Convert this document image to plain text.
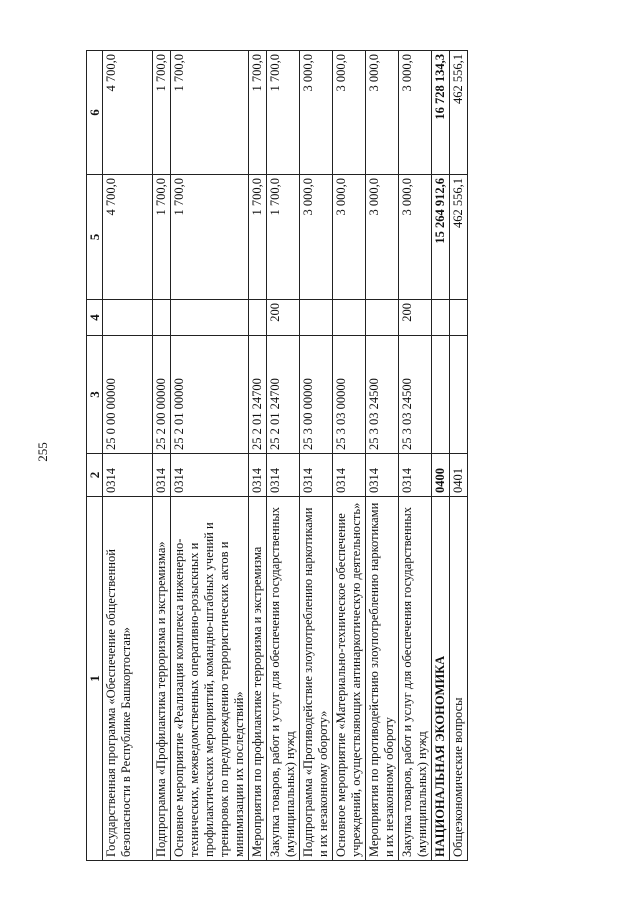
255
1	2	3	4	5	6
Государственная программа «Обеспечение общественной безопасности в Республике Башкортостан»	0314	25 0 00 00000		4 700,0	4 700,0
Подпрограмма «Профилактика терроризма и экстремизма»	0314	25 2 00 00000		1 700,0	1 700,0
Основное мероприятие «Реализация комплекса инженерно-технических, межведомственных оперативно-розыскных и профилактических мероприятий, командно-штабных учений и тренировок по предупреждению террористических актов и минимизации их последствий»	0314	25 2 01 00000		1 700,0	1 700,0
Мероприятия по профилактике терроризма и экстремизма	0314	25 2 01 24700		1 700,0	1 700,0
Закупка товаров, работ и услуг для обеспечения государственных (муниципальных) нужд	0314	25 2 01 24700	200	1 700,0	1 700,0
Подпрограмма «Противодействие злоупотреблению наркотиками и их незаконному обороту»	0314	25 3 00 00000		3 000,0	3 000,0
Основное мероприятие «Материально-техническое обеспечение учреждений, осуществляющих антинаркотическую деятельность»	0314	25 3 03 00000		3 000,0	3 000,0
Мероприятия по противодействию злоупотреблению наркотиками и их незаконному обороту	0314	25 3 03 24500		3 000,0	3 000,0
Закупка товаров, работ и услуг для обеспечения государственных (муниципальных) нужд	0314	25 3 03 24500	200	3 000,0	3 000,0
НАЦИОНАЛЬНАЯ ЭКОНОМИКА	0400			15 264 912,6	16 728 134,3
Общеэкономические вопросы	0401			462 556,1	462 556,1
